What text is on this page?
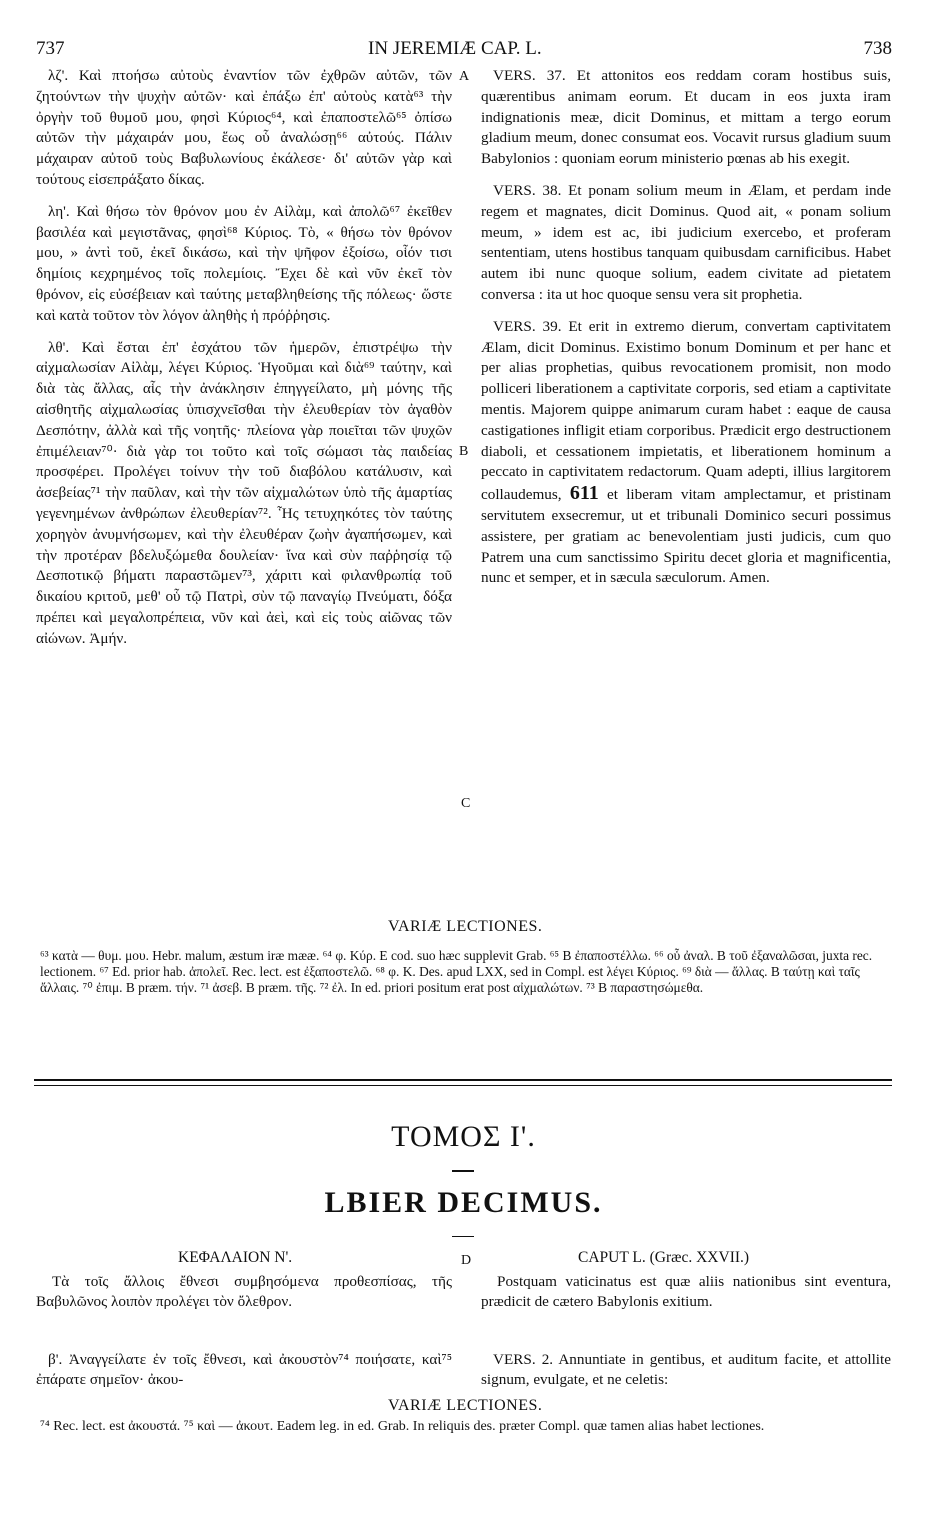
737	IN JEREMIÆ CAP. L.	738

λζ'. Καὶ πτοήσω αὐτοὺς ἐναντίον τῶν ἐχθρῶν αὐτῶν, τῶν ζητούντων τὴν ψυχὴν αὐτῶν· καὶ ἐπάξω ἐπ' αὐτοὺς κατὰ⁶³ τὴν ὀργὴν τοῦ θυμοῦ μου, φησὶ Κύριος⁶⁴, καὶ ἐπαποστελῶ⁶⁵ ὀπίσω αὐτῶν τὴν μάχαιράν μου, ἕως οὗ ἀναλώσῃ⁶⁶ αὐτούς. Πάλιν μάχαιραν αὐτοῦ τοὺς Βαβυλωνίους ἐκάλεσε· δι' αὐτῶν γὰρ καὶ τούτους εἰσεπράξατο δίκας.

λη'. Καὶ θήσω τὸν θρόνον μου ἐν Αἰλὰμ, καὶ ἀπολῶ⁶⁷ ἐκεῖθεν βασιλέα καὶ μεγιστᾶνας, φησὶ⁶⁸ Κύριος. Τὸ, « θήσω τὸν θρόνον μου, » ἀντὶ τοῦ, ἐκεῖ δικάσω, καὶ τὴν ψῆφον ἐξοίσω, οἷόν τισι δημίοις κεχρημένος τοῖς πολεμίοις. Ἔχει δὲ καὶ νῦν ἐκεῖ τὸν θρόνον, εἰς εὐσέβειαν καὶ ταύτης μεταβληθείσης τῆς πόλεως· ὥστε καὶ κατὰ τοῦτον τὸν λόγον ἀληθὴς ἡ πρόῤῥησις.

λθ'. Καὶ ἔσται ἐπ' ἐσχάτου τῶν ἡμερῶν, ἐπιστρέψω τὴν αἰχμαλωσίαν Αἰλὰμ, λέγει Κύριος. Ἡγοῦμαι καὶ διὰ⁶⁹ ταύτην, καὶ διὰ τὰς ἄλλας, αἷς τὴν ἀνάκλησιν ἐπηγγείλατο, μὴ μόνης τῆς αἰσθητῆς αἰχμαλωσίας ὑπισχνεῖσθαι τὴν ἐλευθερίαν τὸν ἀγαθὸν Δεσπότην, ἀλλὰ καὶ τῆς νοητῆς· πλείονα γὰρ ποιεῖται τῶν ψυχῶν ἐπιμέλειαν⁷⁰· διὰ γὰρ τοι τοῦτο καὶ τοῖς σώμασι τὰς παιδείας προσφέρει. Προλέγει τοίνυν τὴν τοῦ διαβόλου κατάλυσιν, καὶ ἀσεβείας⁷¹ τὴν παῦλαν, καὶ τὴν τῶν αἰχμαλώτων ὑπὸ τῆς ἁμαρτίας γεγενημένων ἀνθρώπων ἐλευθερίαν⁷². Ἧς τετυχηκότες τὸν ταύτης χορηγὸν ἀνυμνήσωμεν, καὶ τὴν ἐλευθέραν ζωὴν ἀγαπήσωμεν, καὶ τὴν προτέραν βδελυξώμεθα δουλείαν· ἵνα καὶ σὺν παῤῥησίᾳ τῷ Δεσποτικῷ βήματι παραστῶμεν⁷³, χάριτι καὶ φιλανθρωπίᾳ τοῦ δικαίου κριτοῦ, μεθ' οὗ τῷ Πατρὶ, σὺν τῷ παναγίῳ Πνεύματι, δόξα πρέπει καὶ μεγαλοπρέπεια, νῦν καὶ ἀεὶ, καὶ εἰς τοὺς αἰῶνας τῶν αἰώνων. Ἀμήν.

A
B
C
D

VERS. 37. Et attonitos eos reddam coram hostibus suis, quærentibus animam eorum. Et ducam in eos juxta iram indignationis meæ, dicit Dominus, et mittam a tergo eorum gladium meum, donec consumat eos. Vocavit rursus gladium suum Babylonios : quoniam eorum ministerio pœnas ab his exegit.

VERS. 38. Et ponam solium meum in Ælam, et perdam inde regem et magnates, dicit Dominus. Quod ait, « ponam solium meum, » idem est ac, ibi judicium exercebo, et proferam sententiam, utens hostibus tanquam quibusdam carnificibus. Habet autem ibi nunc quoque solium, eadem civitate ad pietatem conversa : ita ut hoc quoque sensu vera sit prophetia.

VERS. 39. Et erit in extremo dierum, convertam captivitatem Ælam, dicit Dominus. Existimo bonum Dominum et per hanc et per alias prophetias, quibus revocationem promisit, non modo polliceri liberationem a captivitate corporis, sed etiam a captivitate mentis. Majorem quippe animarum curam habet : eaque de causa castigationes infligit etiam corporibus. Prædicit ergo destructionem diaboli, et cessationem impietatis, et liberationem hominum a peccato in captivitatem redactorum. Quam adepti, illius largitorem collaudemus, 611 et liberam vitam amplectamur, et pristinam servitutem exsecremur, ut et tribunali Dominico securi possimus assistere, per gratiam ac benevolentiam justi judicis, cum quo Patrem una cum sanctissimo Spiritu decet gloria et magnificentia, nunc et semper, et in sæcula sæculorum. Amen.

VARIÆ LECTIONES.

⁶³ κατὰ — θυμ. μου. Hebr. malum, æstum iræ mææ. ⁶⁴ φ. Κύρ. E cod. suo hæc supplevit Grab. ⁶⁵ B ἐπαποστέλλω. ⁶⁶ οὗ ἀναλ. B τοῦ ἐξαναλῶσαι, juxta rec. lectionem. ⁶⁷ Ed. prior hab. ἀπολεῖ. Rec. lect. est ἐξαποστελῶ. ⁶⁸ φ. K. Des. apud LXX, sed in Compl. est λέγει Κύριος. ⁶⁹ διὰ — ἄλλας. B ταύτῃ καὶ ταῖς ἄλλαις. ⁷⁰ ἐπιμ. B præm. τήν. ⁷¹ ἀσεβ. B præm. τῆς. ⁷² ἐλ. In ed. priori positum erat post αἰχμαλώτων. ⁷³ B παραστησώμεθα.

ΤΟΜΟΣ Ι'.
LBIER DECIMUS.
ΚΕΦΑΛΑΙΟΝ Ν'.	CAPUT L. (Græc. XXVII.)
Τὰ τοῖς ἄλλοις ἔθνεσι συμβησόμενα προθεσπίσας, τῆς Βαβυλῶνος λοιπὸν προλέγει τὸν ὄλεθρον.
Postquam vaticinatus est quæ aliis nationibus sint eventura, prædicit de cætero Babylonis exitium.
β'. Ἀναγγείλατε ἐν τοῖς ἔθνεσι, καὶ ἀκουστὸν⁷⁴ ποιήσατε, καὶ⁷⁵ ἐπάρατε σημεῖον· ἀκου-
VERS. 2. Annuntiate in gentibus, et auditum facite, et attollite signum, evulgate, et ne celetis:
VARIÆ LECTIONES.

⁷⁴ Rec. lect. est ἀκουστά. ⁷⁵ καὶ — ἀκουτ. Eadem leg. in ed. Grab. In reliquis des. præter Compl. quæ tamen alias habet lectiones.
